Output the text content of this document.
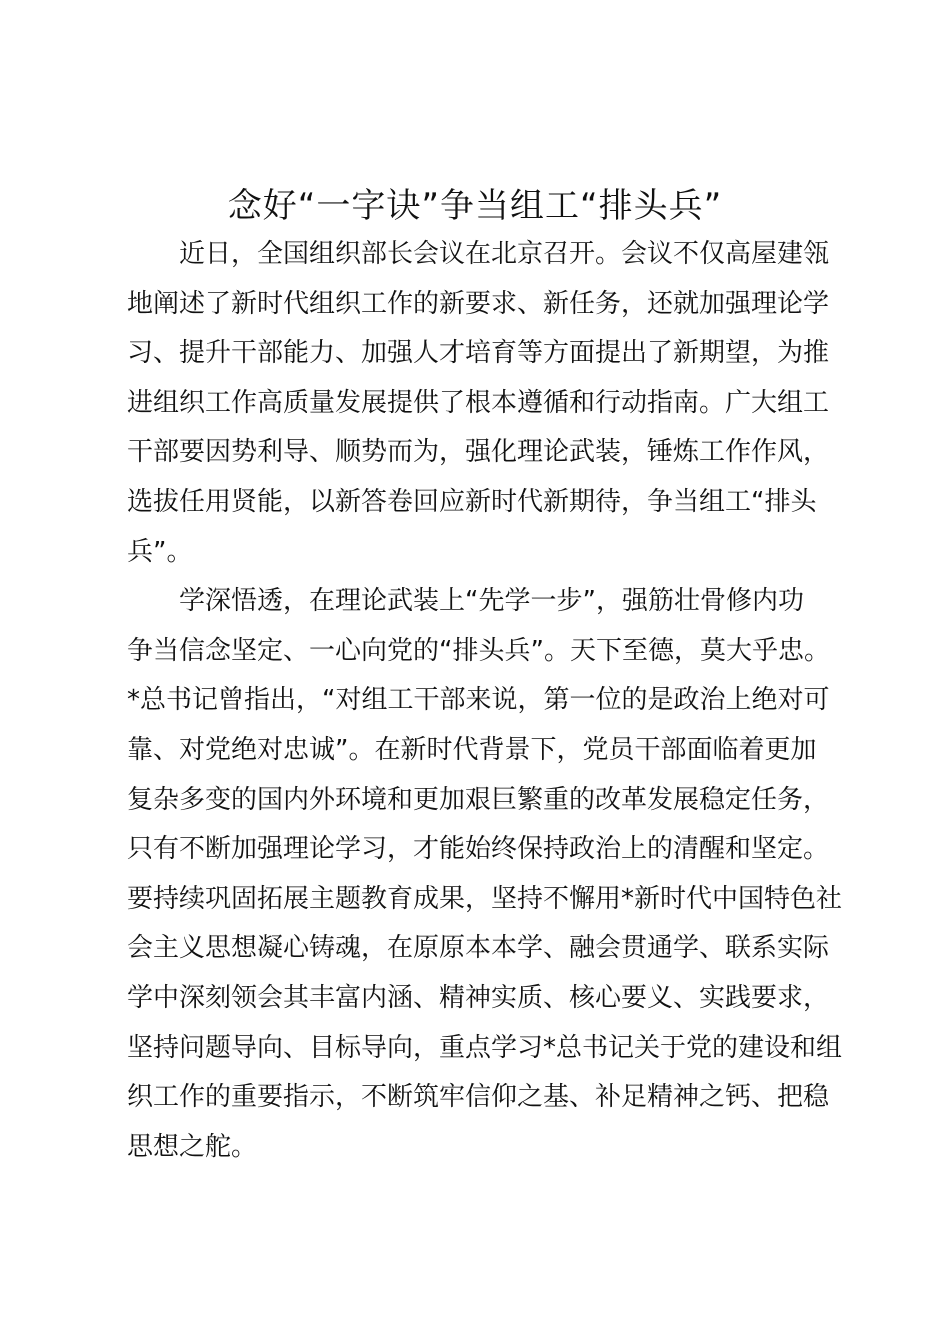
念好“一字诀”争当组工“排头兵”
近日，全国组织部长会议在北京召开。会议不仅高屋建瓴
地阐述了新时代组织工作的新要求、新任务，还就加强理论学
习、提升干部能力、加强人才培育等方面提出了新期望，为推
进组织工作高质量发展提供了根本遵循和行动指南。广大组工
干部要因势利导、顺势而为，强化理论武装，锤炼工作作风，
选拔任用贤能，以新答卷回应新时代新期待，争当组工“排头
兵”。
学深悟透，在理论武装上“先学一步”，强筋壮骨修内功
争当信念坚定、一心向党的“排头兵”。天下至德，莫大乎忠。
*总书记曾指出，“对组工干部来说，第一位的是政治上绝对可
靠、对党绝对忠诚”。在新时代背景下，党员干部面临着更加
复杂多变的国内外环境和更加艰巨繁重的改革发展稳定任务，
只有不断加强理论学习，才能始终保持政治上的清醒和坚定。
要持续巩固拓展主题教育成果，坚持不懈用*新时代中国特色社
会主义思想凝心铸魂，在原原本本学、融会贯通学、联系实际
学中深刻领会其丰富内涵、精神实质、核心要义、实践要求，
坚持问题导向、目标导向，重点学习*总书记关于党的建设和组
织工作的重要指示，不断筑牢信仰之基、补足精神之钙、把稳
思想之舵。
